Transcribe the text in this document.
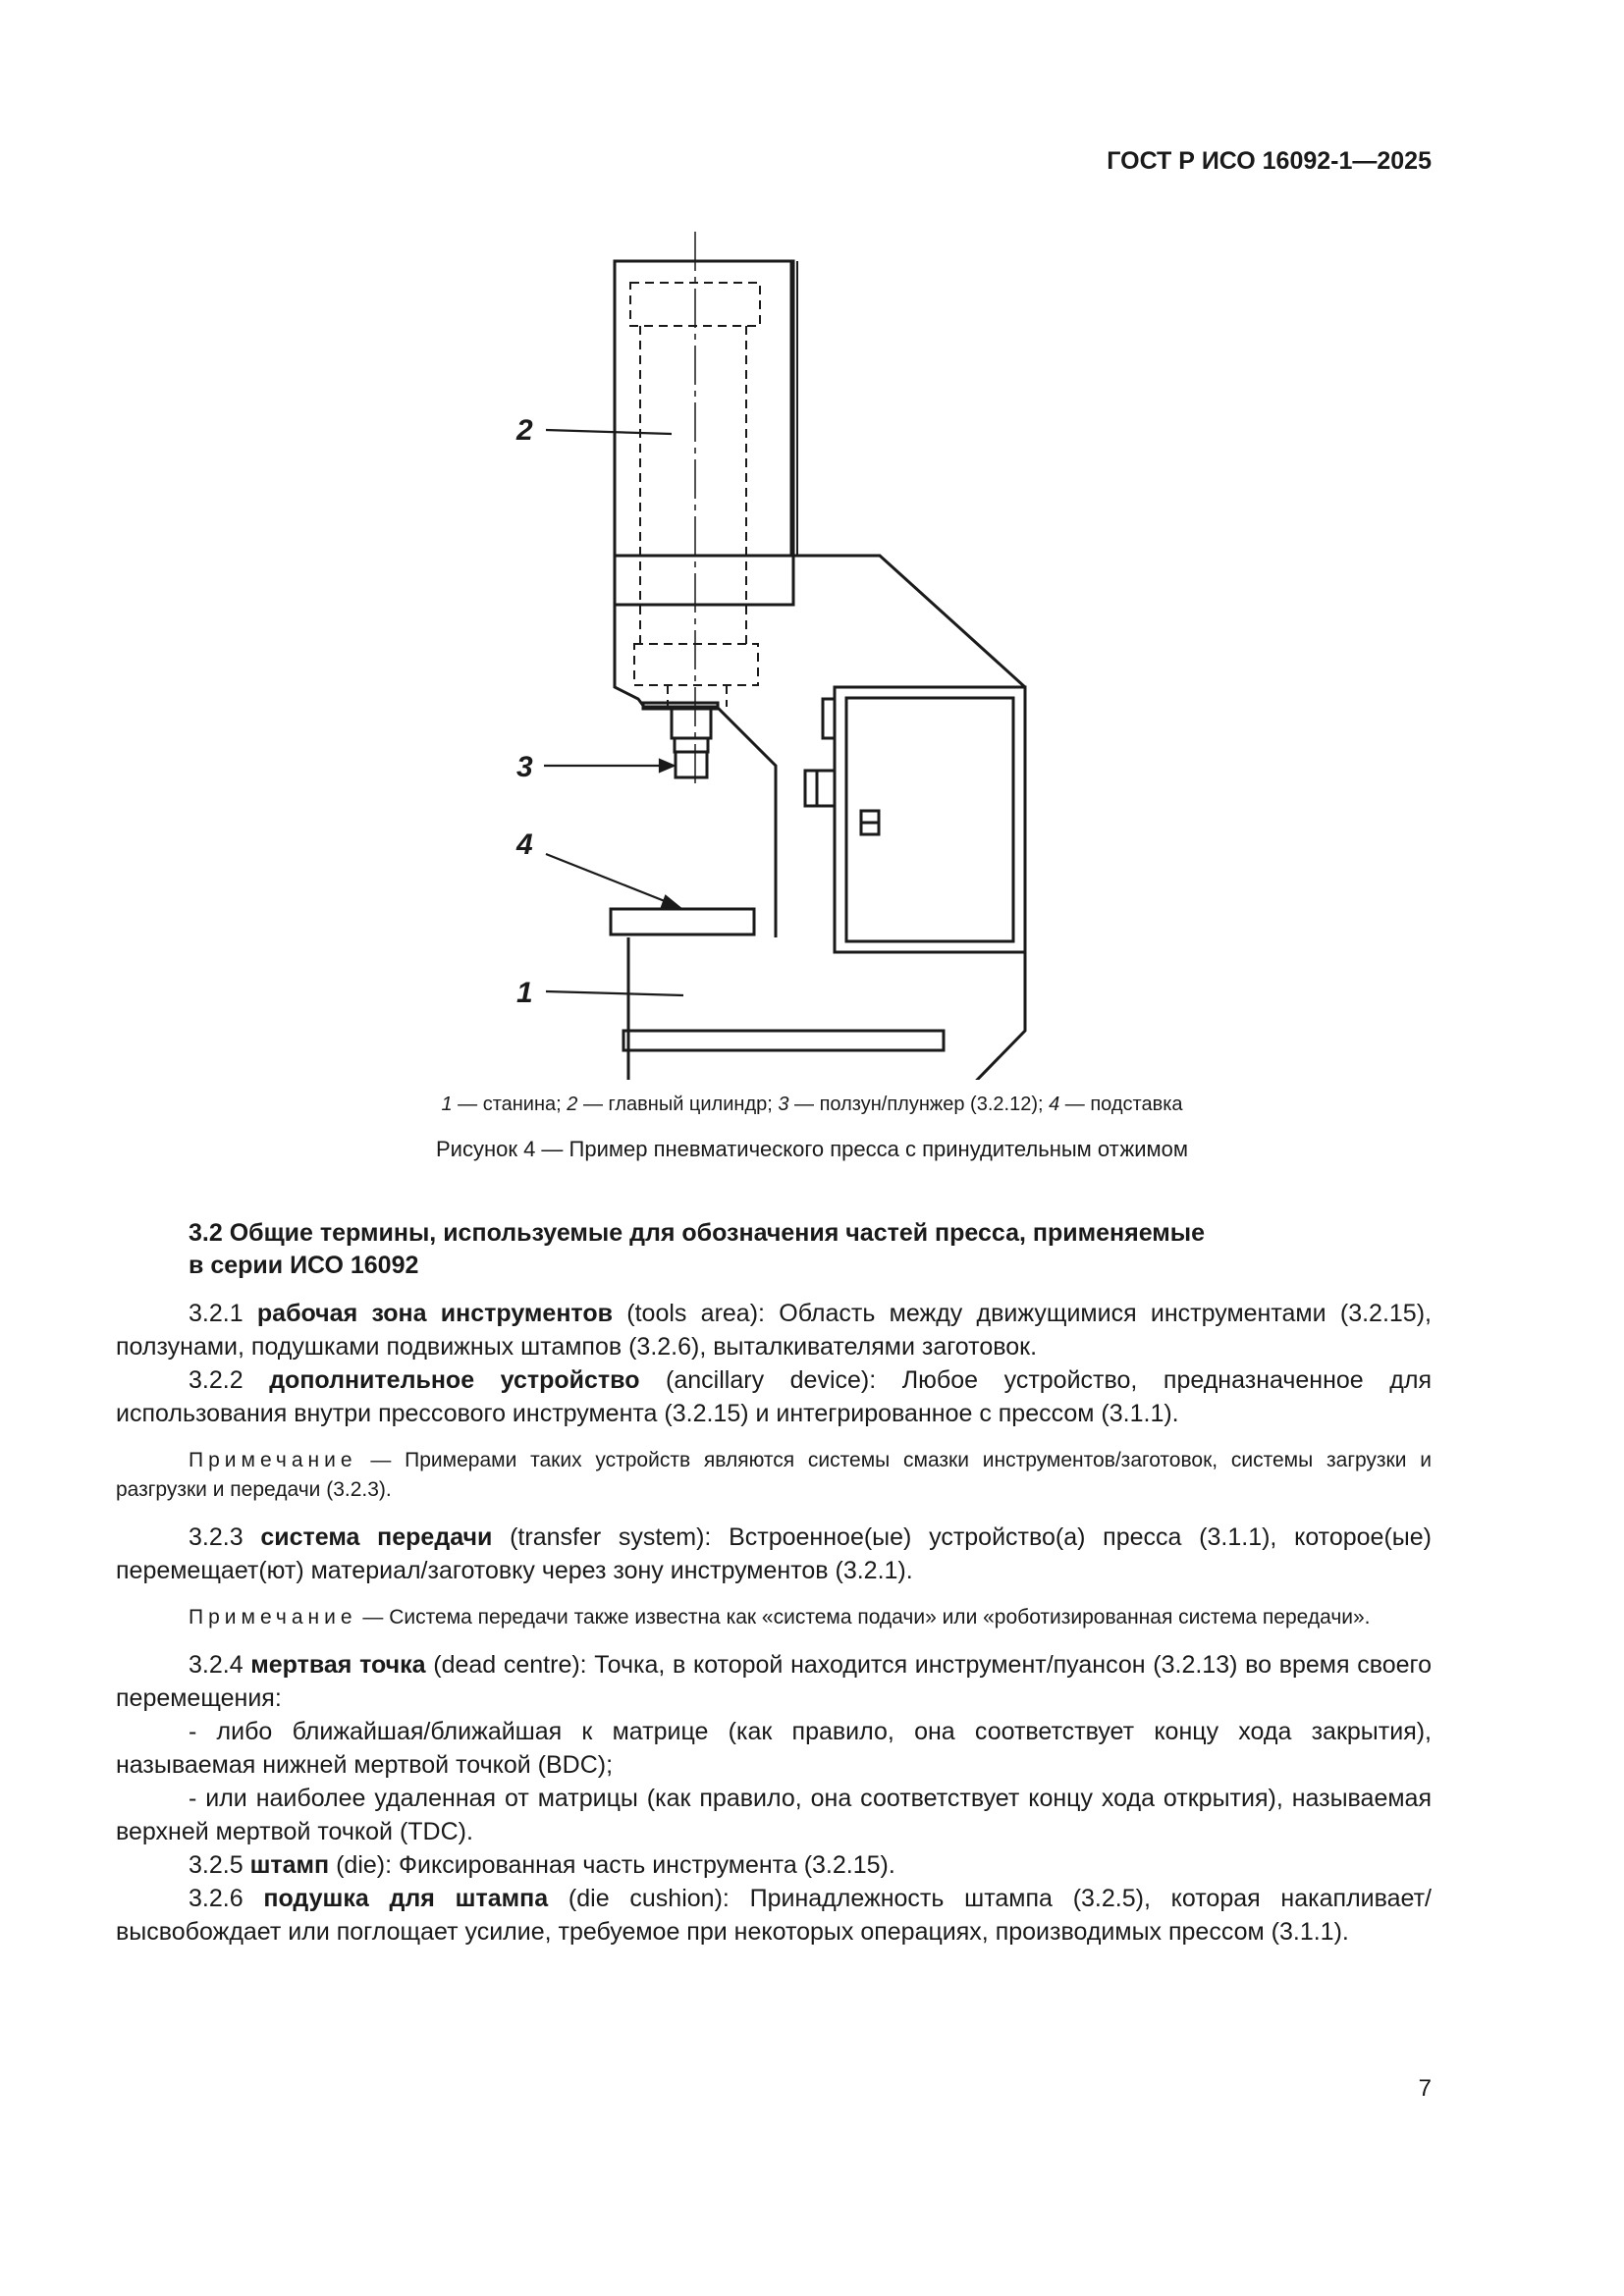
ГОСТ Р ИСО 16092-1—2025
2
3
4
1
1 — станина; 2 — главный цилиндр; 3 — ползун/плунжер (3.2.12); 4 — подставка
Рисунок 4 — Пример пневматического пресса с принудительным отжимом
3.2 Общие термины, используемые для обозначения частей пресса, применяемые
в серии ИСО 16092

3.2.1 рабочая зона инструментов (tools area): Область между движущимися инструментами (3.2.15), ползунами, подушками подвижных штампов (3.2.6), выталкивателями заготовок.

3.2.2 дополнительное устройство (ancillary device): Любое устройство, предназначенное для использования внутри прессового инструмента (3.2.15) и интегрированное с прессом (3.1.1).

Примечание — Примерами таких устройств являются системы смазки инструментов/заготовок, системы загрузки и разгрузки и передачи (3.2.3).

3.2.3 система передачи (transfer system): Встроенное(ые) устройство(а) пресса (3.1.1), которое(ые) перемещает(ют) материал/заготовку через зону инструментов (3.2.1).

Примечание — Система передачи также известна как «система подачи» или «роботизированная система передачи».

3.2.4 мертвая точка (dead centre): Точка, в которой находится инструмент/пуансон (3.2.13) во время своего перемещения:

- либо ближайшая/ближайшая к матрице (как правило, она соответствует концу хода закрытия), называемая нижней мертвой точкой (BDC);

- или наиболее удаленная от матрицы (как правило, она соответствует концу хода открытия), называемая верхней мертвой точкой (TDC).

3.2.5 штамп (die): Фиксированная часть инструмента (3.2.15).

3.2.6 подушка для штампа (die cushion): Принадлежность штампа (3.2.5), которая накапливает/высвобождает или поглощает усилие, требуемое при некоторых операциях, производимых прессом (3.1.1).

7
